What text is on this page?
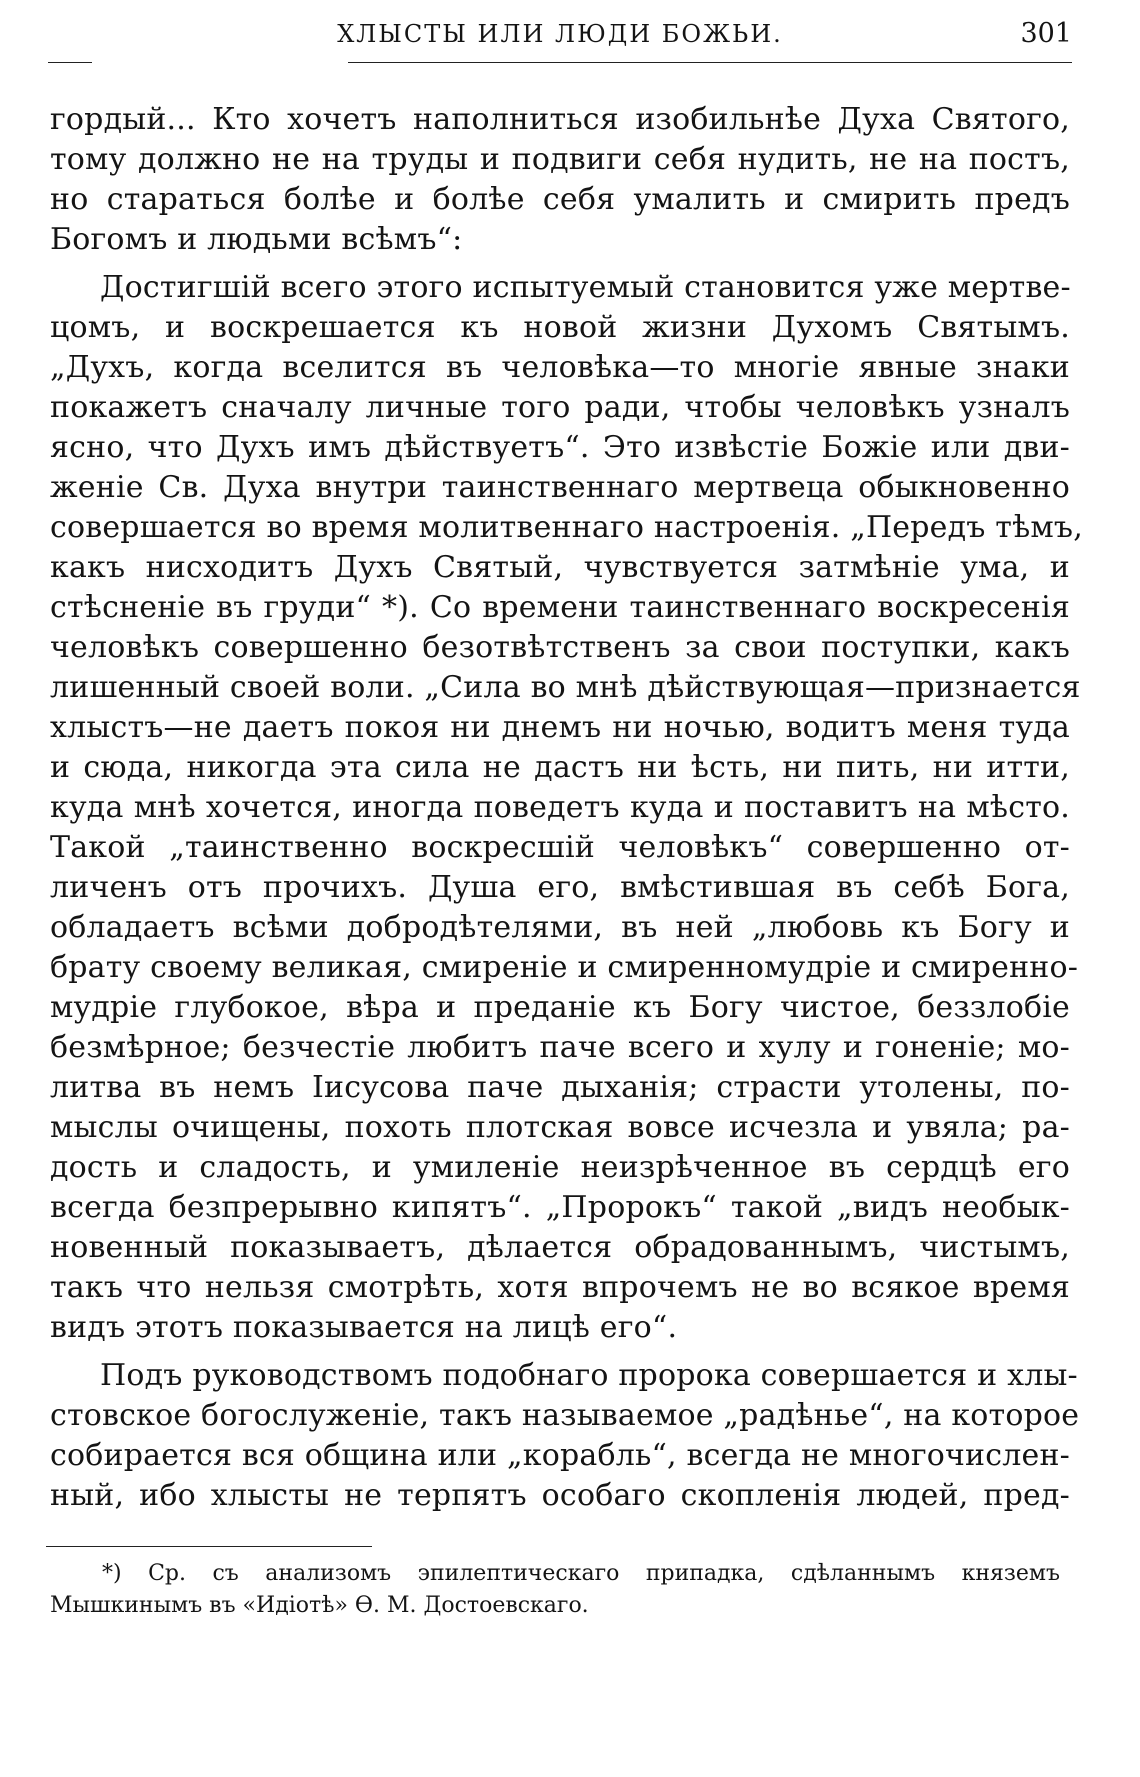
ХЛЫСТЫ ИЛИ ЛЮДИ БОЖЬИ.	301
гордый... Кто хочетъ наполниться изобильнѣе Духа Святого,
тому должно не на труды и подвиги себя нудить, не на постъ,
но стараться болѣе и болѣе себя умалить и смирить предъ
Богомъ и людьми всѣмъ“:
Достигшій всего этого испытуемый становится уже мертве-
цомъ, и воскрешается къ новой жизни Духомъ Святымъ.
„Духъ, когда вселится въ человѣка—то многіе явные знаки
покажетъ сначалу личные того ради, чтобы человѣкъ узналъ
ясно, что Духъ имъ дѣйствуетъ“. Это извѣстіе Божіе или дви-
женіе Св. Духа внутри таинственнаго мертвеца обыкновенно
совершается во время молитвеннаго настроенія. „Передъ тѣмъ,
какъ нисходитъ Духъ Святый, чувствуется затмѣніе ума, и
стѣсненіе въ груди“ *). Со времени таинственнаго воскресенія
человѣкъ совершенно безотвѣтственъ за свои поступки, какъ
лишенный своей воли. „Сила во мнѣ дѣйствующая—признается
хлыстъ—не даетъ покоя ни днемъ ни ночью, водитъ меня туда
и сюда, никогда эта сила не дастъ ни ѣсть, ни пить, ни итти,
куда мнѣ хочется, иногда поведетъ куда и поставитъ на мѣсто.
Такой „таинственно воскресшій человѣкъ“ совершенно от-
личенъ отъ прочихъ. Душа его, вмѣстившая въ себѣ Бога,
обладаетъ всѣми добродѣтелями, въ ней „любовь къ Богу и
брату своему великая, смиреніе и смиренномудріе и смиренно-
мудріе глубокое, вѣра и преданіе къ Богу чистое, беззлобіе
безмѣрное; безчестіе любитъ паче всего и хулу и гоненіе; мо-
литва въ немъ Іисусова паче дыханія; страсти утолены, по-
мыслы очищены, похоть плотская вовсе исчезла и увяла; ра-
дость и сладость, и умиленіе неизрѣченное въ сердцѣ его
всегда безпрерывно кипятъ“. „Пророкъ“ такой „видъ необык-
новенный показываетъ, дѣлается обрадованнымъ, чистымъ,
такъ что нельзя смотрѣть, хотя впрочемъ не во всякое время
видъ этотъ показывается на лицѣ его“.
Подъ руководствомъ подобнаго пророка совершается и хлы-
стовское богослуженіе, такъ называемое „радѣнье“, на которое
собирается вся община или „корабль“, всегда не многочислен-
ный, ибо хлысты не терпятъ особаго скопленія людей, пред-
*) Ср. съ анализомъ эпилептическаго припадка, сдѣланнымъ княземъ
Мышкинымъ въ «Идіотѣ» Ѳ. М. Достоевскаго.
